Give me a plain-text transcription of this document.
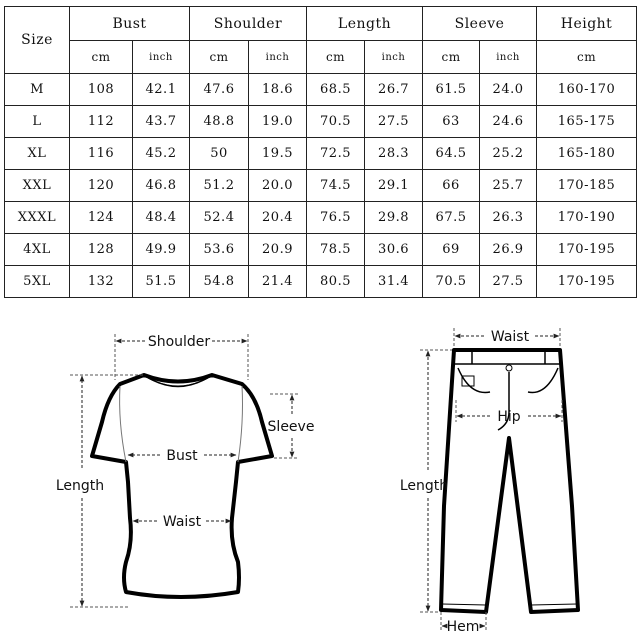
Size	Bust		Shoulder		Length		Sleeve		Height
	cm	inch	cm	inch	cm	inch	cm	inch	cm
M	108	42.1	47.6	18.6	68.5	26.7	61.5	24.0	160-170
L	112	43.7	48.8	19.0	70.5	27.5	63	24.6	165-175
XL	116	45.2	50	19.5	72.5	28.3	64.5	25.2	165-180
XXL	120	46.8	51.2	20.0	74.5	29.1	66	25.7	170-185
XXXL	124	48.4	52.4	20.4	76.5	29.8	67.5	26.3	170-190
4XL	128	49.9	53.6	20.9	78.5	30.6	69	26.9	170-195
5XL	132	51.5	54.8	21.4	80.5	31.4	70.5	27.5	170-195
Shoulder
Sleeve
Bust
Waist
Length
Waist
Hip
Length
Hem
